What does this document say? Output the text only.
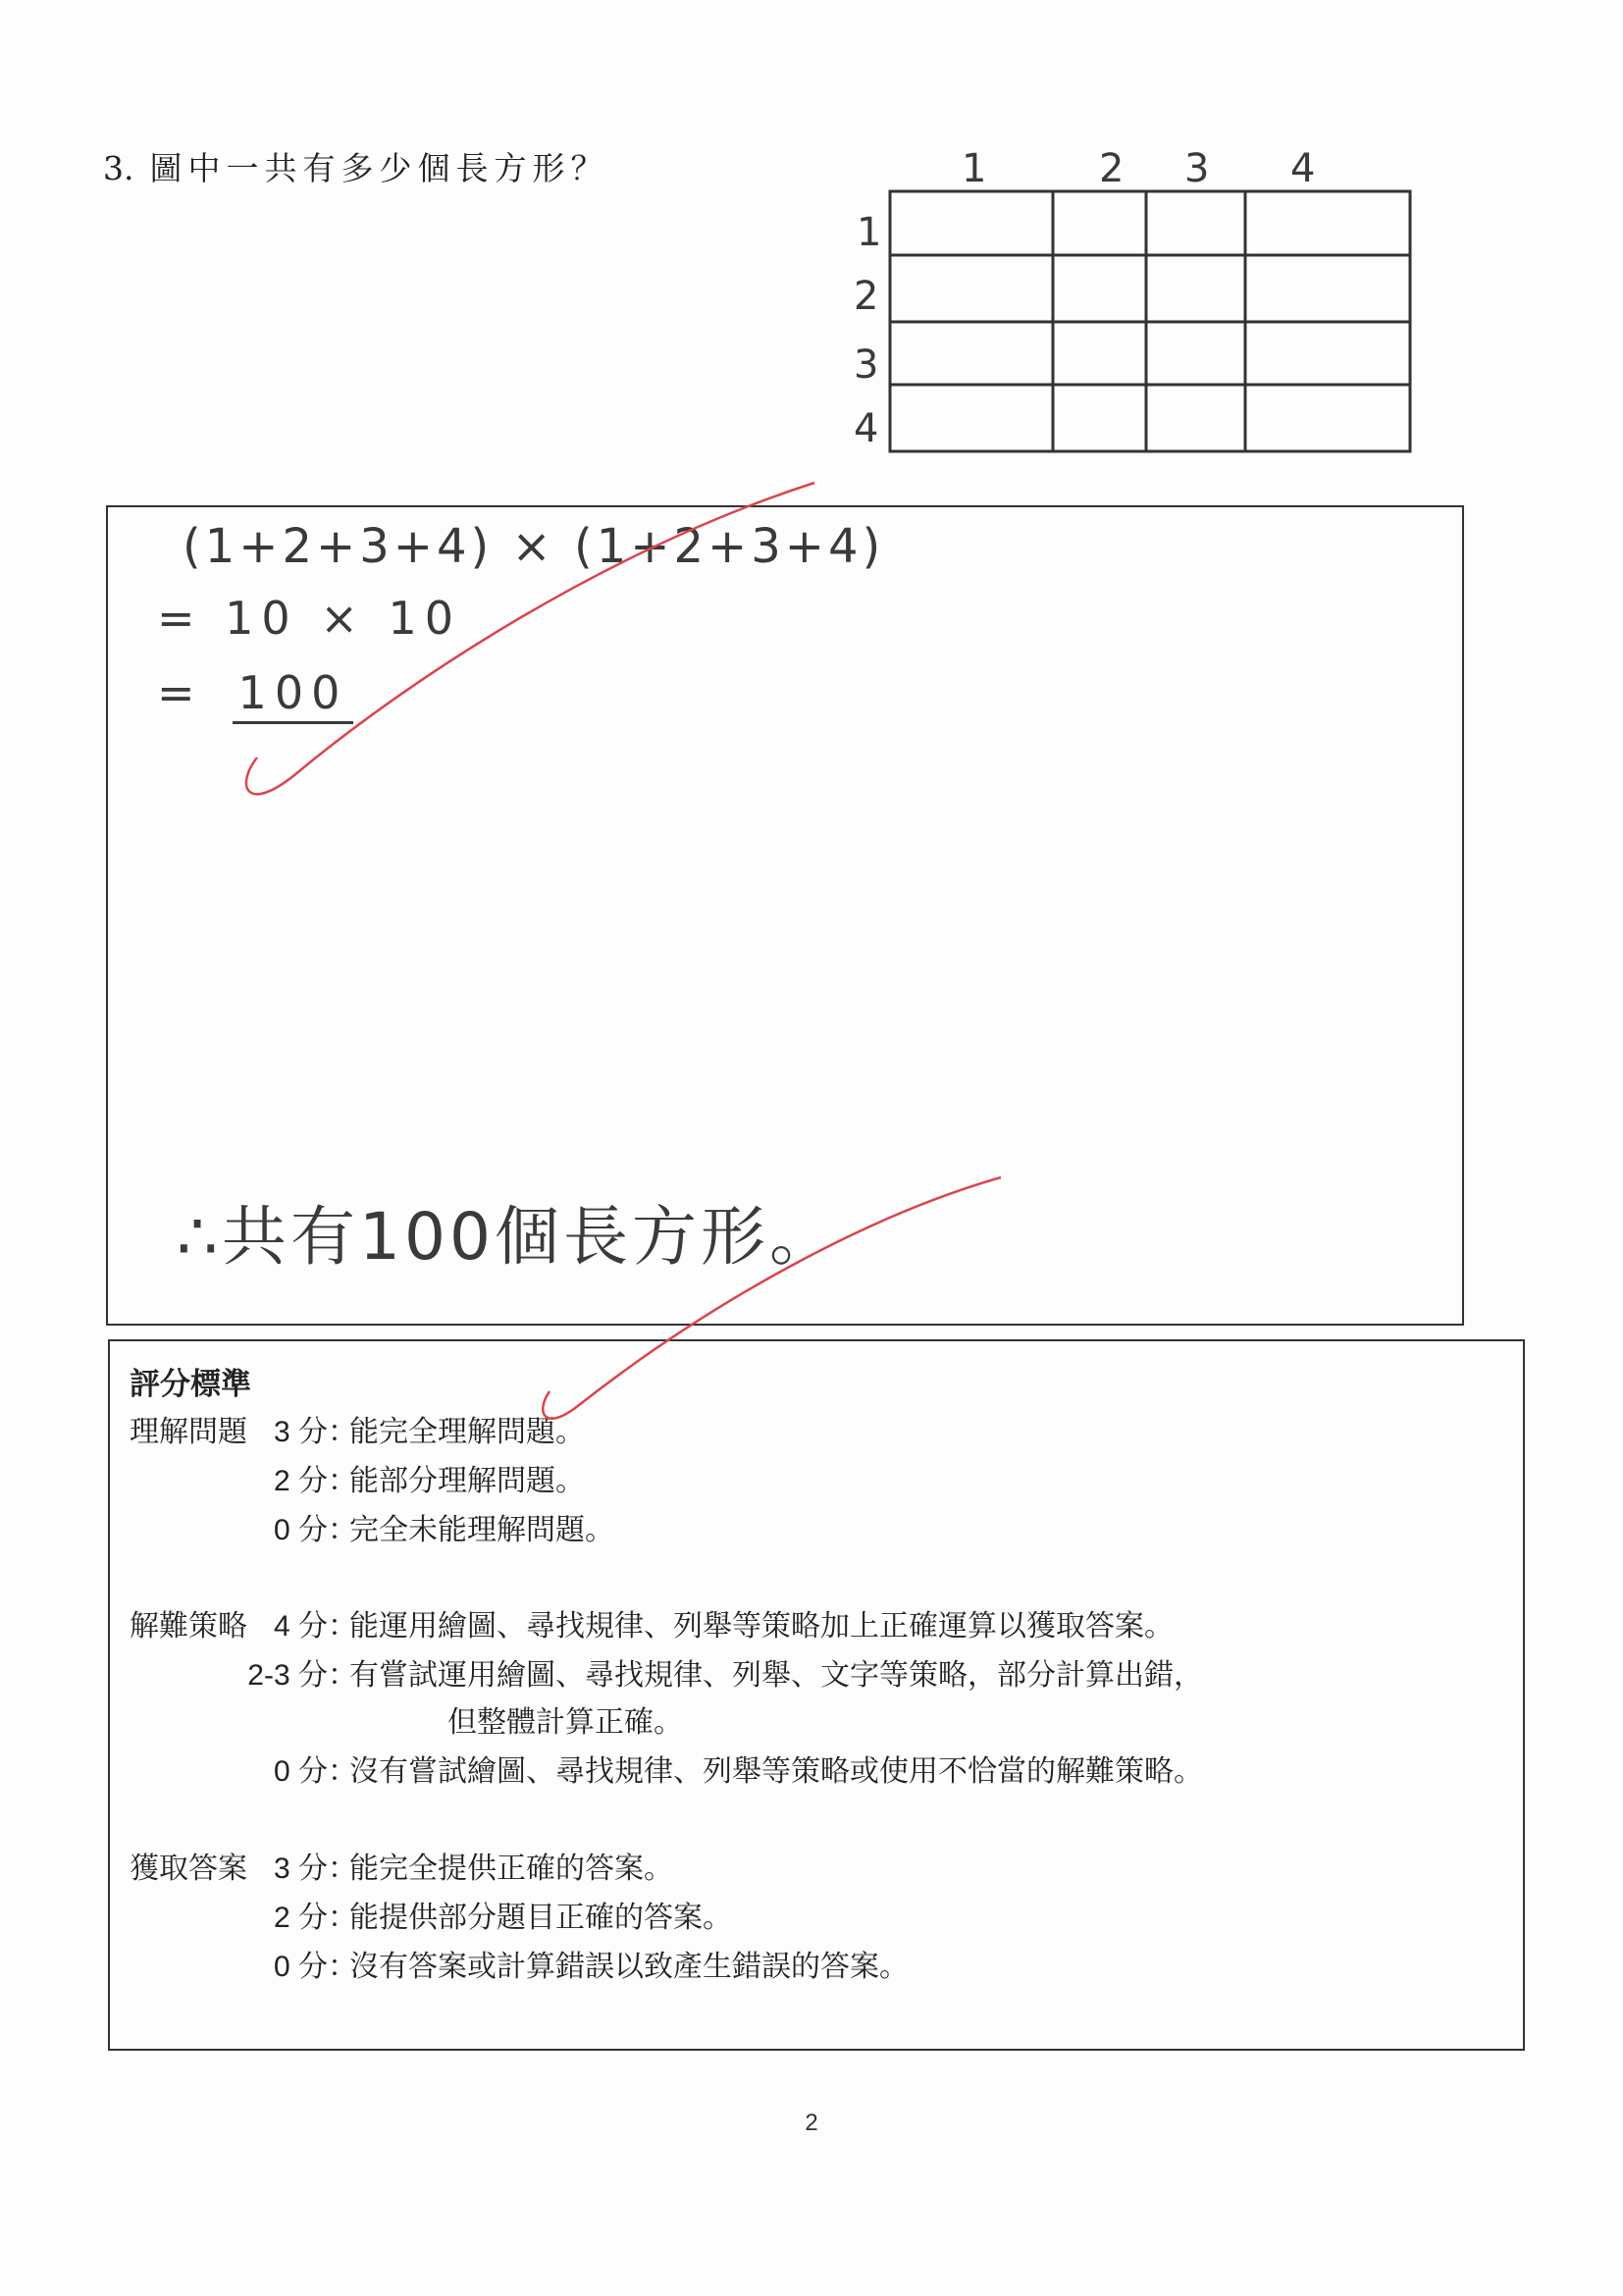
3. 圖中一共有多少個長方形？	1	2 3 4
1
2
3
4
(1+2+3+4) × (1+2+3+4)
= 10 × 10
= 100
∴共有100個長方形。
評分標準
理解問題 3 分：能完全理解問題。
2 分：能部分理解問題。
0 分：完全未能理解問題。
解難策略 4 分：能運用繪圖、尋找規律、列舉等策略加上正確運算以獲取答案。
2-3 分：有嘗試運用繪圖、尋找規律、列舉、文字等策略，部分計算出錯，
但整體計算正確。
0 分：沒有嘗試繪圖、尋找規律、列舉等策略或使用不恰當的解難策略。
獲取答案 3 分：能完全提供正確的答案。
2 分：能提供部分題目正確的答案。
0 分：沒有答案或計算錯誤以致產生錯誤的答案。
2
